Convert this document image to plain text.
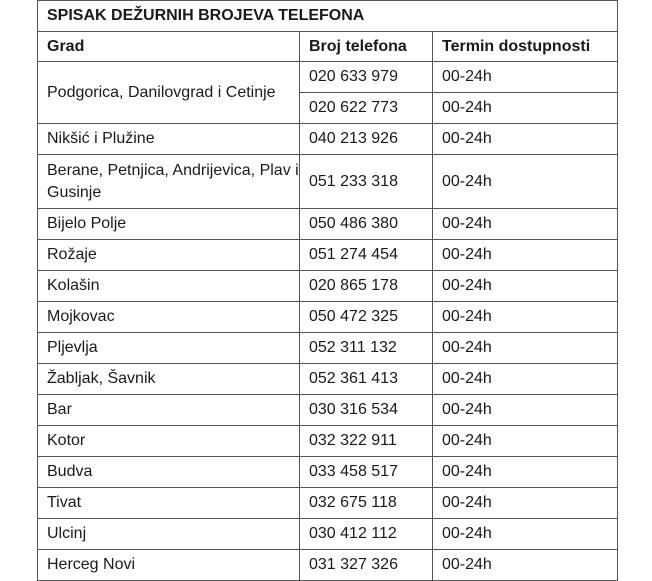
SPISAK DEŽURNIH BROJEVA TELEFONA		
Grad	Broj telefona	Termin dostupnosti
Podgorica, Danilovgrad i Cetinje	020 633 979	00-24h
	020 622 773	00-24h
Nikšić i Plužine	040 213 926	00-24h
Berane, Petnjica, Andrijevica, Plav i Gusinje	051 233 318	00-24h
Bijelo Polje	050 486 380	00-24h
Rožaje	051 274 454	00-24h
Kolašin	020 865 178	00-24h
Mojkovac	050 472 325	00-24h
Pljevlja	052 311 132	00-24h
Žabljak, Šavnik	052 361 413	00-24h
Bar	030 316 534	00-24h
Kotor	032 322 911	00-24h
Budva	033 458 517	00-24h
Tivat	032 675 118	00-24h
Ulcinj	030 412 112	00-24h
Herceg Novi	031 327 326	00-24h
